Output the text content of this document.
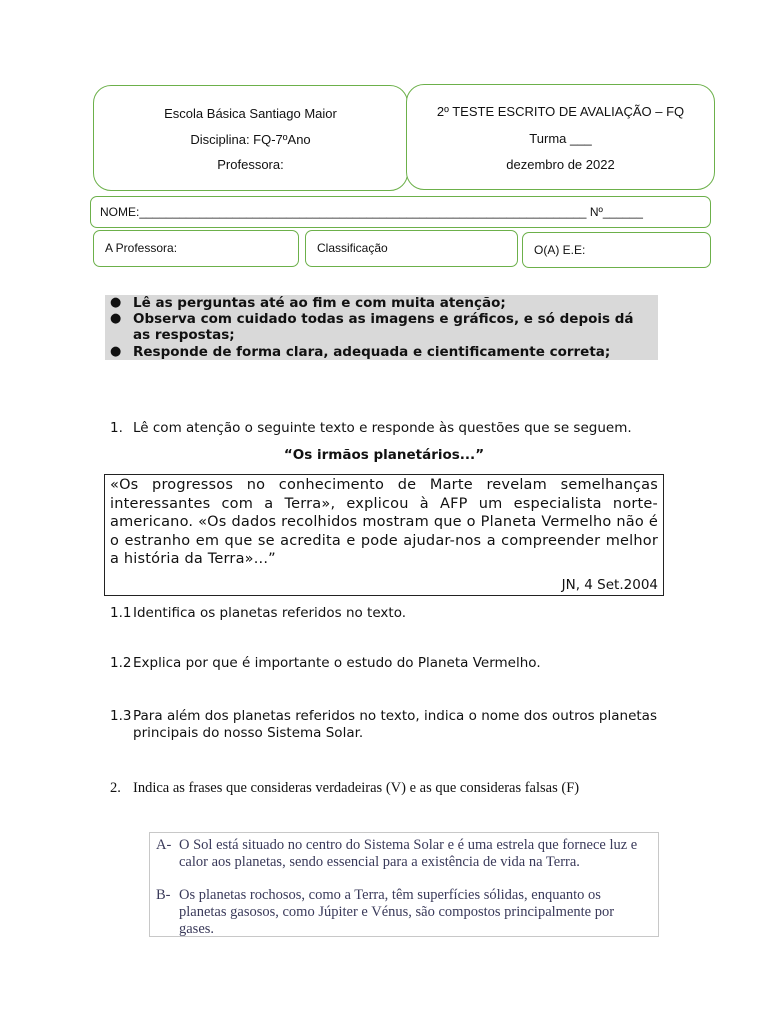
Escola Básica Santiago Maior
Disciplina: FQ-7ºAno
Professora:
2º TESTE ESCRITO DE AVALIAÇÃO – FQ
Turma ___
dezembro de 2022
NOME:___________________________________________________________________ Nº______
A Professora:	Classificação	O(A) E.E:
● Lê as perguntas até ao fim e com muita atenção;
● Observa com cuidado todas as imagens e gráficos, e só depois dá as respostas;
● Responde de forma clara, adequada e cientificamente correta;
1. Lê com atenção o seguinte texto e responde às questões que se seguem.
“Os irmãos planetários...”
«Os progressos no conhecimento de Marte revelam semelhanças interessantes com a Terra», explicou à AFP um especialista norte-americano. «Os dados recolhidos mostram que o Planeta Vermelho não é o estranho em que se acredita e pode ajudar-nos a compreender melhor a história da Terra»...”
JN, 4 Set.2004
1.1 Identifica os planetas referidos no texto.
1.2 Explica por que é importante o estudo do Planeta Vermelho.
1.3 Para além dos planetas referidos no texto, indica o nome dos outros planetas principais do nosso Sistema Solar.
2. Indica as frases que consideras verdadeiras (V) e as que consideras falsas (F)
A- O Sol está situado no centro do Sistema Solar e é uma estrela que fornece luz e calor aos planetas, sendo essencial para a existência de vida na Terra.
B- Os planetas rochosos, como a Terra, têm superfícies sólidas, enquanto os planetas gasosos, como Júpiter e Vénus, são compostos principalmente por gases.
